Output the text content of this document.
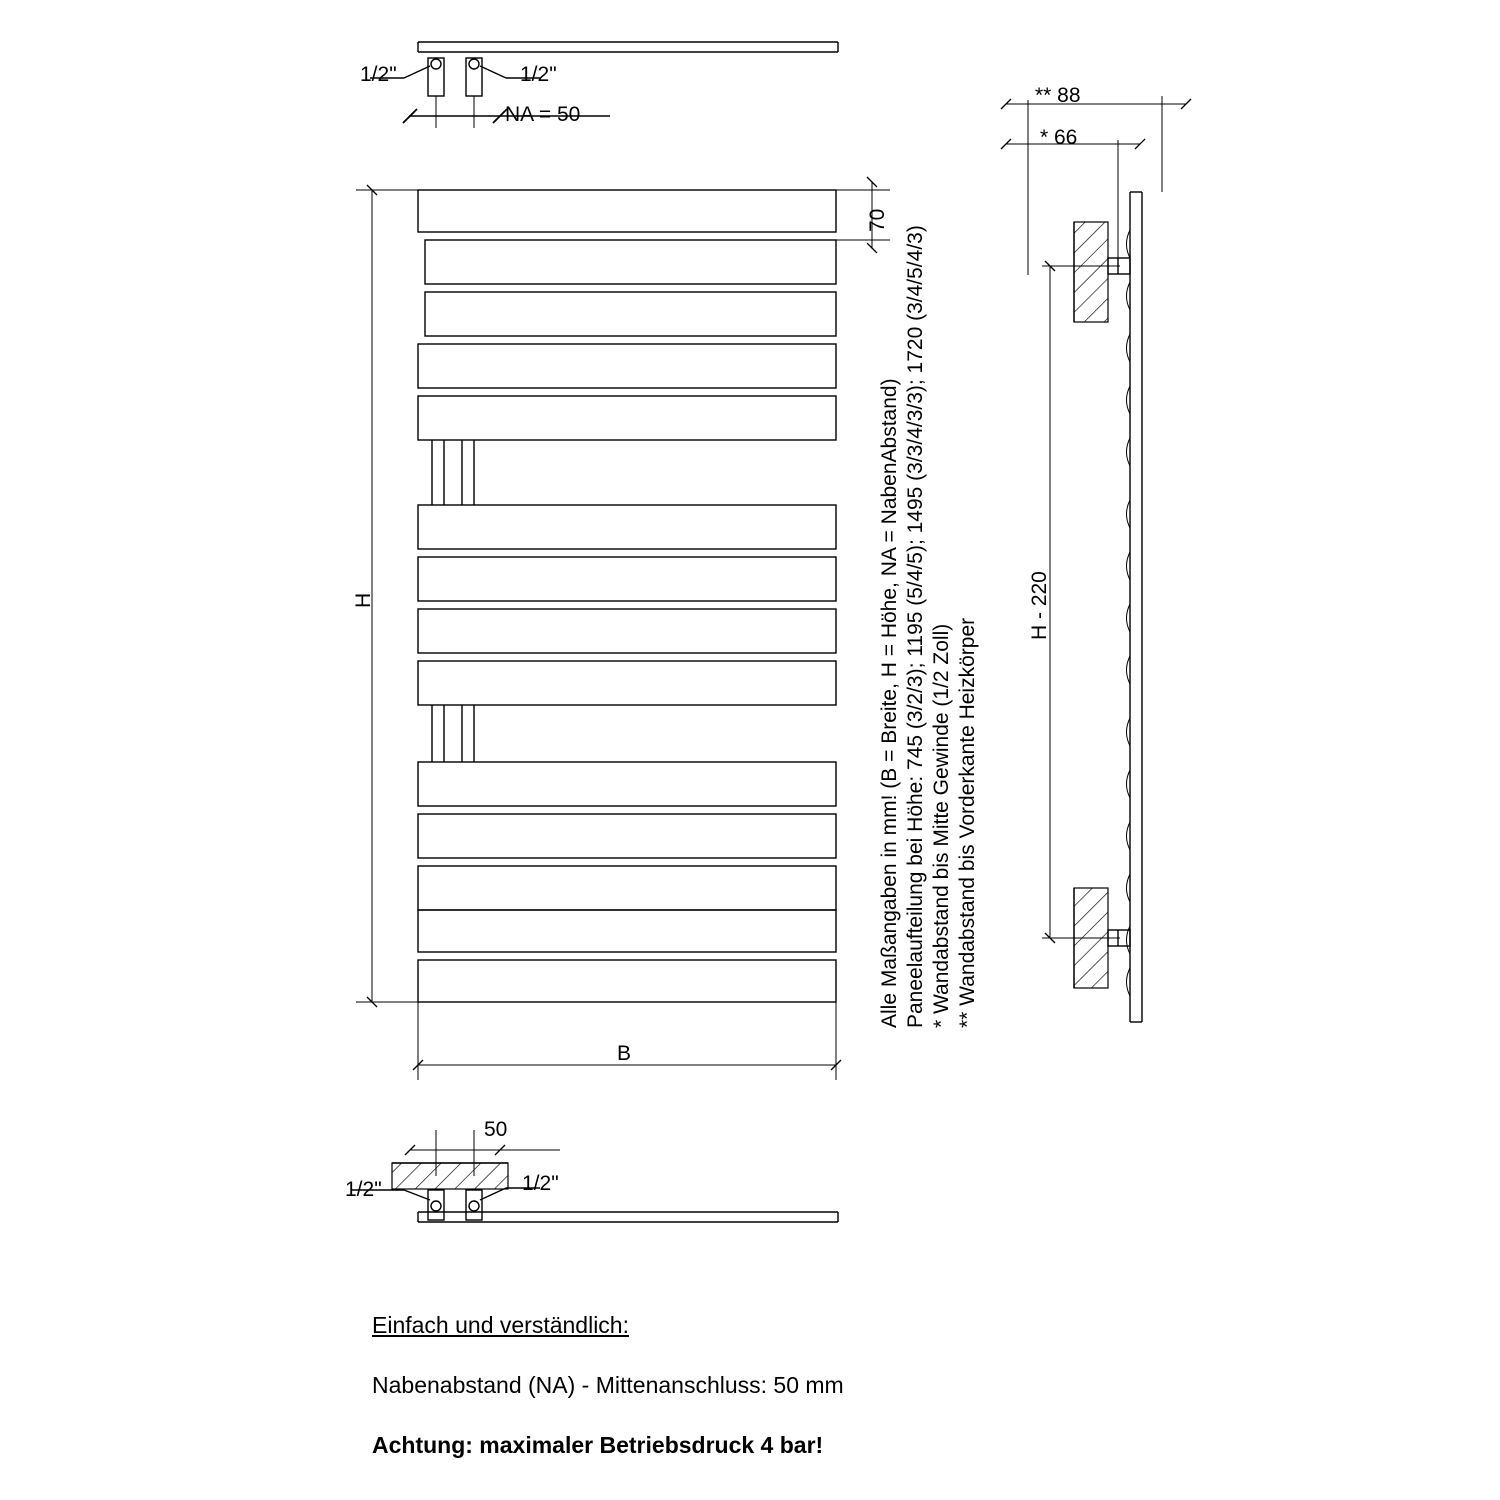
1/2"	1/2"
NA = 50
H
B
70
** 88
* 66
H - 220
Alle Maßangaben in mm! (B = Breite, H = Höhe, NA = NabenAbstand) Paneelaufteilung bei Höhe: 745 (3/2/3); 1195 (5/4/5); 1495 (3/3/4/3/3); 1720 (3/4/5/4/3) * Wandabstand bis Mitte Gewinde (1/2 Zoll) ** Wandabstand bis Vorderkante Heizkörper
50
1/2"	1/2"
Einfach und verständlich:
Nabenabstand (NA) - Mittenanschluss: 50 mm
Achtung: maximaler Betriebsdruck 4 bar!
